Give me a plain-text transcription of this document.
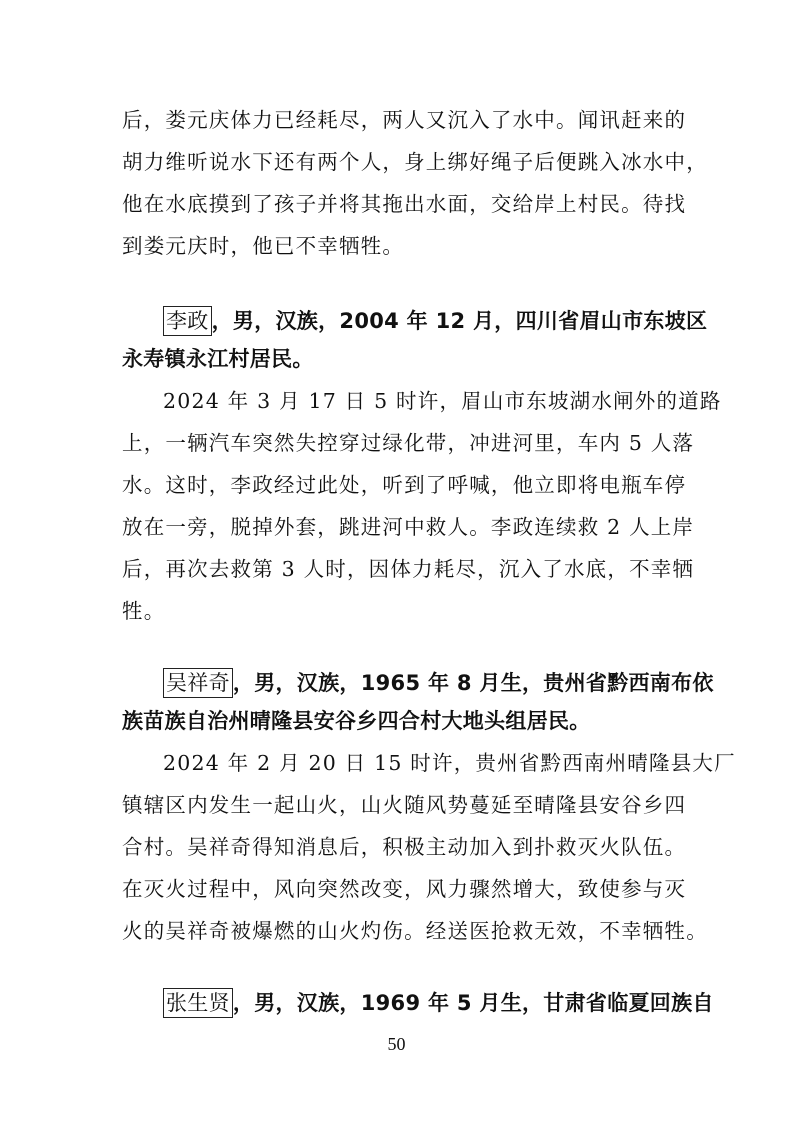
后，娄元庆体力已经耗尽，两人又沉入了水中。闻讯赶来的
胡力维听说水下还有两个人，身上绑好绳子后便跳入冰水中，
他在水底摸到了孩子并将其拖出水面，交给岸上村民。待找
到娄元庆时，他已不幸牺牲。
李政 ，男，汉族，2004 年 12 月，四川省眉山市东坡区
永寿镇永江村居民。
2024 年 3 月 17 日 5 时许，眉山市东坡湖水闸外的道路
上，一辆汽车突然失控穿过绿化带，冲进河里，车内 5 人落
水。这时，李政经过此处，听到了呼喊，他立即将电瓶车停
放在一旁，脱掉外套，跳进河中救人。李政连续救 2 人上岸
后，再次去救第 3 人时，因体力耗尽，沉入了水底，不幸牺
牲。
吴祥奇 ，男，汉族，1965 年 8 月生，贵州省黔西南布依
族苗族自治州晴隆县安谷乡四合村大地头组居民。
2024 年 2 月 20 日 15 时许，贵州省黔西南州晴隆县大厂
镇辖区内发生一起山火，山火随风势蔓延至晴隆县安谷乡四
合村。吴祥奇得知消息后，积极主动加入到扑救灭火队伍。
在灭火过程中，风向突然改变，风力骤然增大，致使参与灭
火的吴祥奇被爆燃的山火灼伤。经送医抢救无效，不幸牺牲。
张生贤 ，男，汉族，1969 年 5 月生，甘肃省临夏回族自
50
